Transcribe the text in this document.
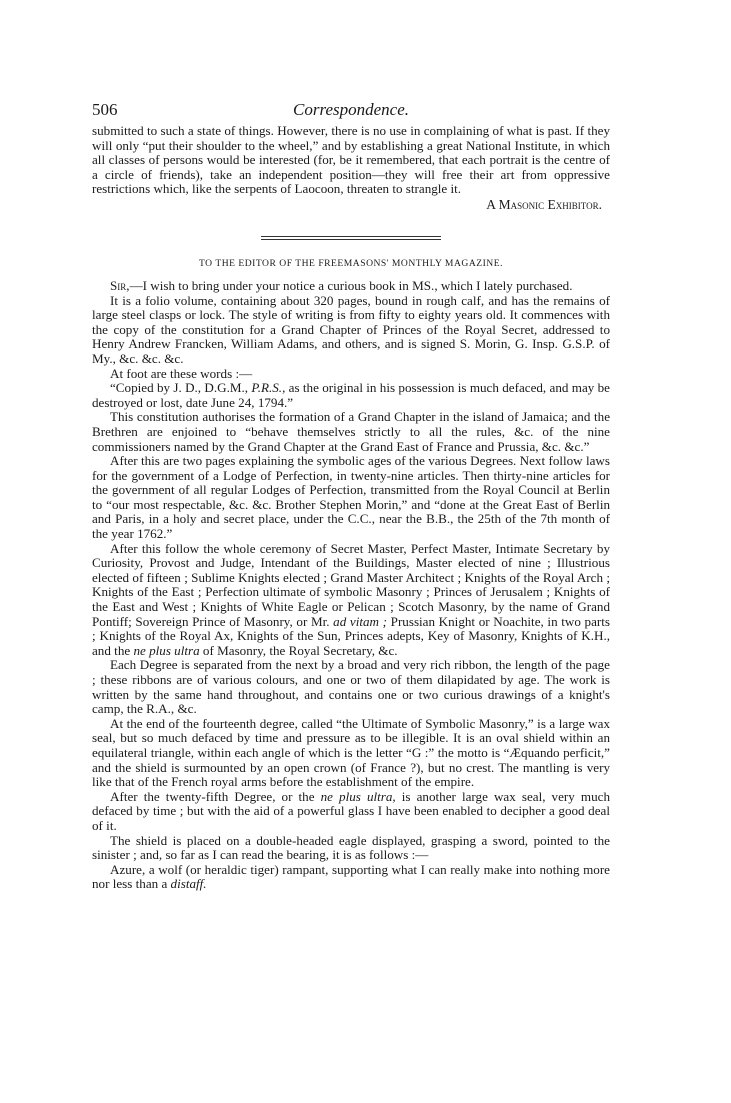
506	Correspondence.

submitted to such a state of things. However, there is no use in complaining of what is past. If they will only “put their shoulder to the wheel,” and by establishing a great National Institute, in which all classes of persons would be interested (for, be it remembered, that each portrait is the centre of a circle of friends), take an independent position—they will free their art from oppressive restrictions which, like the serpents of Laocoon, threaten to strangle it.

A Masonic Exhibitor.

TO THE EDITOR OF THE FREEMASONS' MONTHLY MAGAZINE.

Sir,—I wish to bring under your notice a curious book in MS., which I lately purchased.

It is a folio volume, containing about 320 pages, bound in rough calf, and has the remains of large steel clasps or lock. The style of writing is from fifty to eighty years old. It commences with the copy of the constitution for a Grand Chapter of Princes of the Royal Secret, addressed to Henry Andrew Francken, William Adams, and others, and is signed S. Morin, G. Insp. G.S.P. of My., &c. &c. &c.

At foot are these words :—

“Copied by J. D., D.G.M., P.R.S., as the original in his possession is much defaced, and may be destroyed or lost, date June 24, 1794.”

This constitution authorises the formation of a Grand Chapter in the island of Jamaica; and the Brethren are enjoined to “behave themselves strictly to all the rules, &c. of the nine commissioners named by the Grand Chapter at the Grand East of France and Prussia, &c. &c.”

After this are two pages explaining the symbolic ages of the various Degrees. Next follow laws for the government of a Lodge of Perfection, in twenty-nine articles. Then thirty-nine articles for the government of all regular Lodges of Perfection, transmitted from the Royal Council at Berlin to “our most respectable, &c. &c. Brother Stephen Morin,” and “done at the Great East of Berlin and Paris, in a holy and secret place, under the C.C., near the B.B., the 25th of the 7th month of the year 1762.”

After this follow the whole ceremony of Secret Master, Perfect Master, Intimate Secretary by Curiosity, Provost and Judge, Intendant of the Buildings, Master elected of nine ; Illustrious elected of fifteen ; Sublime Knights elected ; Grand Master Architect ; Knights of the Royal Arch ; Knights of the East ; Perfection ultimate of symbolic Masonry ; Princes of Jerusalem ; Knights of the East and West ; Knights of White Eagle or Pelican ; Scotch Masonry, by the name of Grand Pontiff; Sovereign Prince of Masonry, or Mr. ad vitam ; Prussian Knight or Noachite, in two parts ; Knights of the Royal Ax, Knights of the Sun, Princes adepts, Key of Masonry, Knights of K.H., and the ne plus ultra of Masonry, the Royal Secretary, &c.

Each Degree is separated from the next by a broad and very rich ribbon, the length of the page ; these ribbons are of various colours, and one or two of them dilapidated by age. The work is written by the same hand throughout, and contains one or two curious drawings of a knight's camp, the R.A., &c.

At the end of the fourteenth degree, called “the Ultimate of Symbolic Masonry,” is a large wax seal, but so much defaced by time and pressure as to be illegible. It is an oval shield within an equilateral triangle, within each angle of which is the letter “G :” the motto is “Æquando perficit,” and the shield is surmounted by an open crown (of France ?), but no crest. The mantling is very like that of the French royal arms before the establishment of the empire.

After the twenty-fifth Degree, or the ne plus ultra, is another large wax seal, very much defaced by time ; but with the aid of a powerful glass I have been enabled to decipher a good deal of it.

The shield is placed on a double-headed eagle displayed, grasping a sword, pointed to the sinister ; and, so far as I can read the bearing, it is as follows :—

Azure, a wolf (or heraldic tiger) rampant, supporting what I can really make into nothing more nor less than a distaff.
